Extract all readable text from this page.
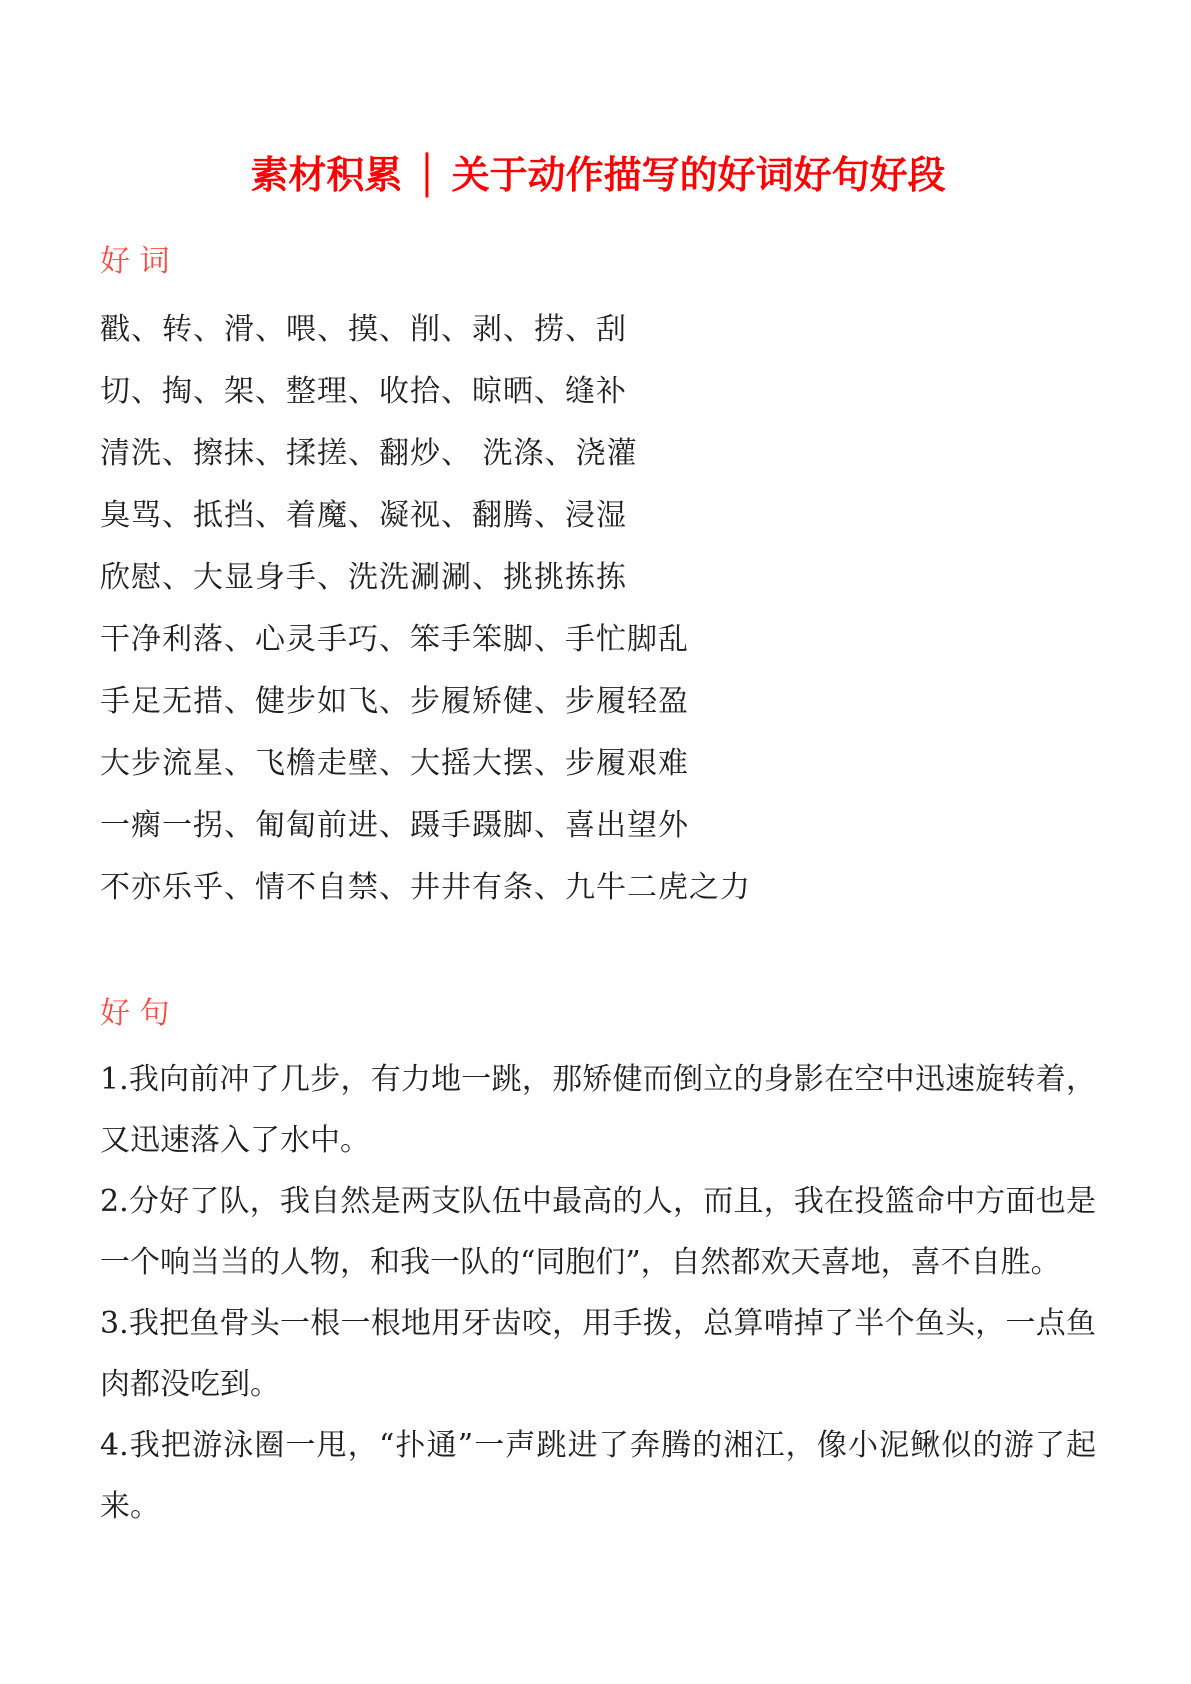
素材积累 │ 关于动作描写的好词好句好段
好 词
戳、转、滑、喂、摸、削、剥、捞、刮
切、掏、架、整理、收拾、晾晒、缝补
清洗、擦抹、揉搓、翻炒、 洗涤、浇灌
臭骂、抵挡、着魔、凝视、翻腾、浸湿
欣慰、大显身手、洗洗涮涮、挑挑拣拣
干净利落、心灵手巧、笨手笨脚、手忙脚乱
手足无措、健步如飞、步履矫健、步履轻盈
大步流星、飞檐走壁、大摇大摆、步履艰难
一瘸一拐、匍匐前进、蹑手蹑脚、喜出望外
不亦乐乎、情不自禁、井井有条、九牛二虎之力
好 句

1.我向前冲了几步，有力地一跳，那矫健而倒立的身影在空中迅速旋转着，又迅速落入了水中。

2.分好了队，我自然是两支队伍中最高的人，而且，我在投篮命中方面也是一个响当当的人物，和我一队的“同胞们”，自然都欢天喜地，喜不自胜。

3.我把鱼骨头一根一根地用牙齿咬，用手拨，总算啃掉了半个鱼头，一点鱼肉都没吃到。

4.我把游泳圈一甩，“扑通”一声跳进了奔腾的湘江，像小泥鳅似的游了起来。
